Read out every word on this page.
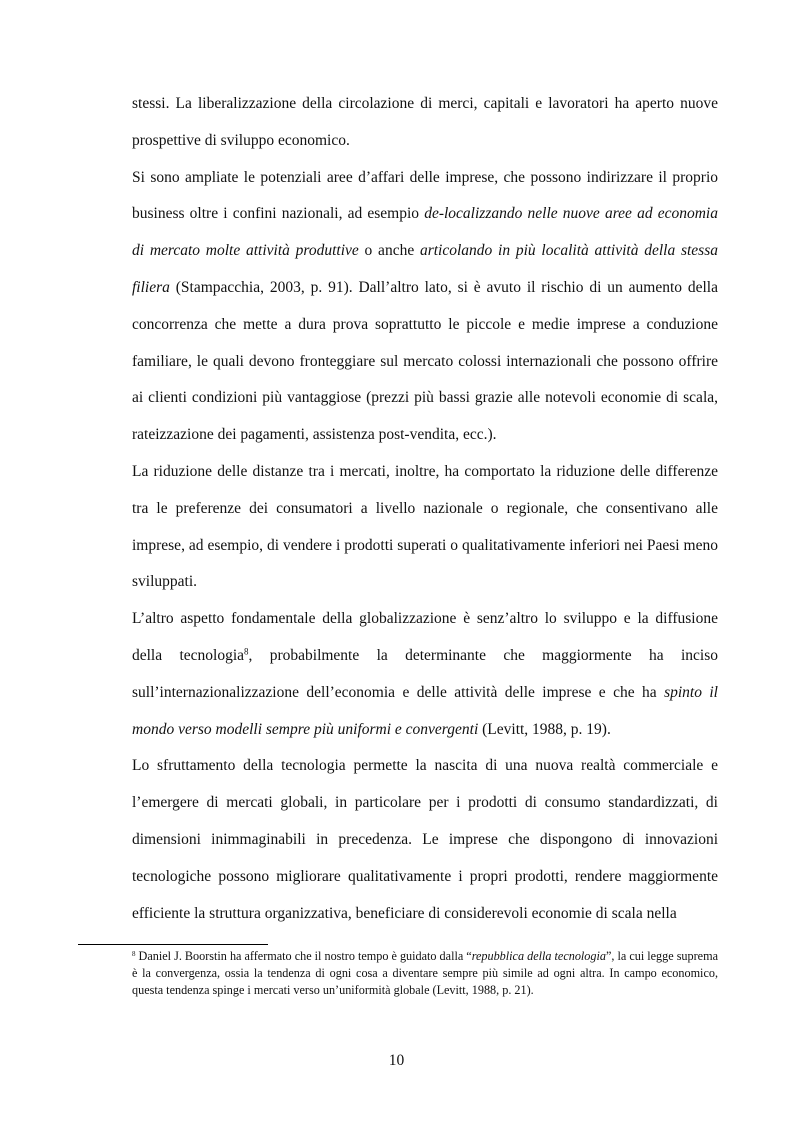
stessi. La liberalizzazione della circolazione di merci, capitali e lavoratori ha aperto nuove prospettive di sviluppo economico.

Si sono ampliate le potenziali aree d’affari delle imprese, che possono indirizzare il proprio business oltre i confini nazionali, ad esempio de-localizzando nelle nuove aree ad economia di mercato molte attività produttive o anche articolando in più località attività della stessa filiera (Stampacchia, 2003, p. 91). Dall’altro lato, si è avuto il rischio di un aumento della concorrenza che mette a dura prova soprattutto le piccole e medie imprese a conduzione familiare, le quali devono fronteggiare sul mercato colossi internazionali che possono offrire ai clienti condizioni più vantaggiose (prezzi più bassi grazie alle notevoli economie di scala, rateizzazione dei pagamenti, assistenza post-vendita, ecc.).

La riduzione delle distanze tra i mercati, inoltre, ha comportato la riduzione delle differenze tra le preferenze dei consumatori a livello nazionale o regionale, che consentivano alle imprese, ad esempio, di vendere i prodotti superati o qualitativamente inferiori nei Paesi meno sviluppati.

L’altro aspetto fondamentale della globalizzazione è senz’altro lo sviluppo e la diffusione della tecnologia$^8$, probabilmente la determinante che maggiormente ha inciso sull’internazionalizzazione dell’economia e delle attività delle imprese e che ha spinto il mondo verso modelli sempre più uniformi e convergenti (Levitt, 1988, p. 19).

Lo sfruttamento della tecnologia permette la nascita di una nuova realtà commerciale e l’emergere di mercati globali, in particolare per i prodotti di consumo standardizzati, di dimensioni inimmaginabili in precedenza. Le imprese che dispongono di innovazioni tecnologiche possono migliorare qualitativamente i propri prodotti, rendere maggiormente efficiente la struttura organizzativa, beneficiare di considerevoli economie di scala nella

$^8$ Daniel J. Boorstin ha affermato che il nostro tempo è guidato dalla “repubblica della tecnologia”, la cui legge suprema è la convergenza, ossia la tendenza di ogni cosa a diventare sempre più simile ad ogni altra. In campo economico, questa tendenza spinge i mercati verso un’uniformità globale (Levitt, 1988, p. 21).

10
